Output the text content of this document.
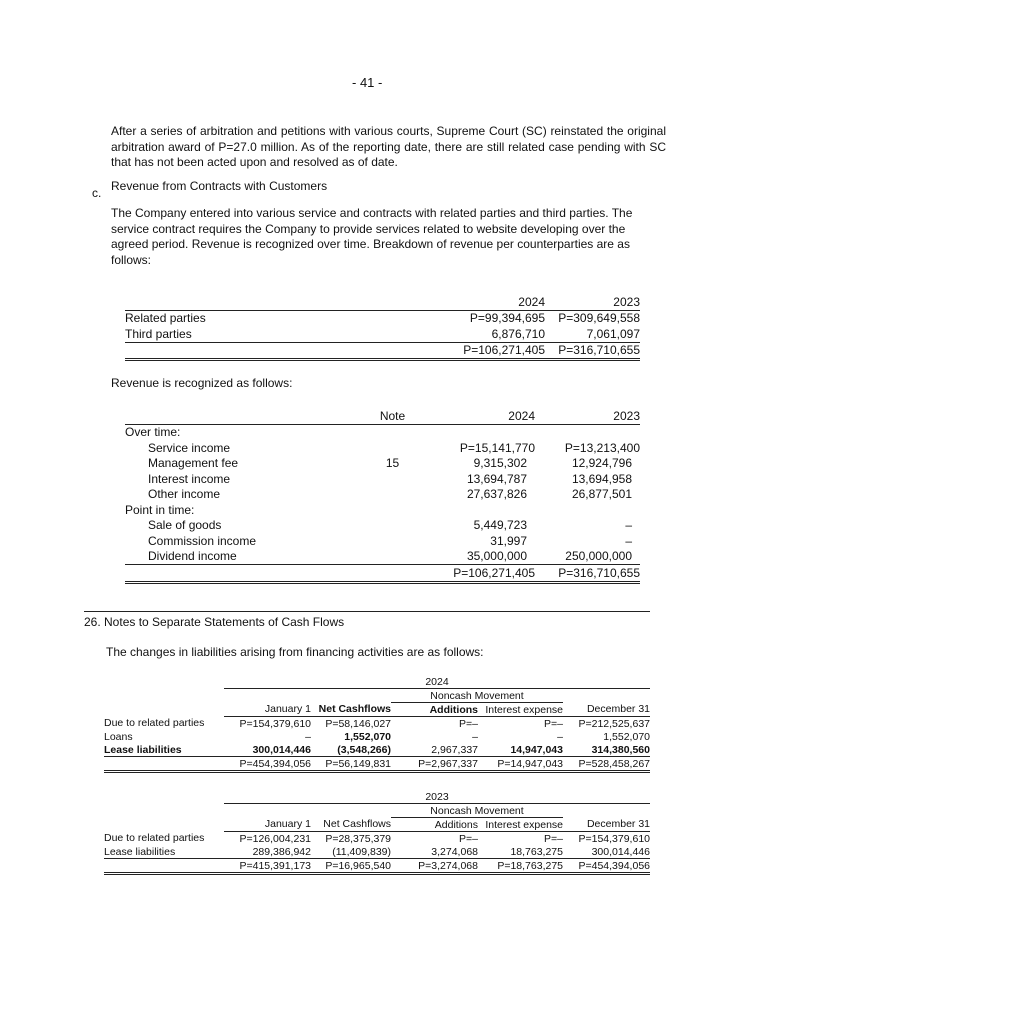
- 41 -

After a series of arbitration and petitions with various courts, Supreme Court (SC) reinstated the original arbitration award of P=27.0 million. As of the reporting date, there are still related case pending with SC that has not been acted upon and resolved as of date.

c. Revenue from Contracts with Customers

The Company entered into various service and contracts with related parties and third parties. The service contract requires the Company to provide services related to website developing over the agreed period. Revenue is recognized over time. Breakdown of revenue per counterparties are as follows:

	2024	2023
Related parties	P=99,394,695	P=309,649,558
Third parties	6,876,710	7,061,097
	P=106,271,405	P=316,710,655
Revenue is recognized as follows:
	Note	2024	2023
Over time:			
Service income		P=15,141,770	P=13,213,400
Management fee	15	9,315,302	12,924,796
Interest income		13,694,787	13,694,958
Other income		27,637,826	26,877,501
Point in time:			
Sale of goods		5,449,723	–
Commission income		31,997	–
Dividend income		35,000,000	250,000,000
		P=106,271,405	P=316,710,655
26. Notes to Separate Statements of Cash Flows
The changes in liabilities arising from financing activities are as follows:
	2024				
			Noncash Movement		
	January 1	Net Cashflows	Additions	Interest expense	December 31
Due to related parties	P=154,379,610	P=58,146,027	P=–	P=–	P=212,525,637
Loans	–	1,552,070	–	–	1,552,070
Lease liabilities	300,014,446	(3,548,266)	2,967,337	14,947,043	314,380,560
	P=454,394,056	P=56,149,831	P=2,967,337	P=14,947,043	P=528,458,267
	2023				
			Noncash Movement		
	January 1	Net Cashflows	Additions	Interest expense	December 31
Due to related parties	P=126,004,231	P=28,375,379	P=–	P=–	P=154,379,610
Lease liabilities	289,386,942	(11,409,839)	3,274,068	18,763,275	300,014,446
	P=415,391,173	P=16,965,540	P=3,274,068	P=18,763,275	P=454,394,056
